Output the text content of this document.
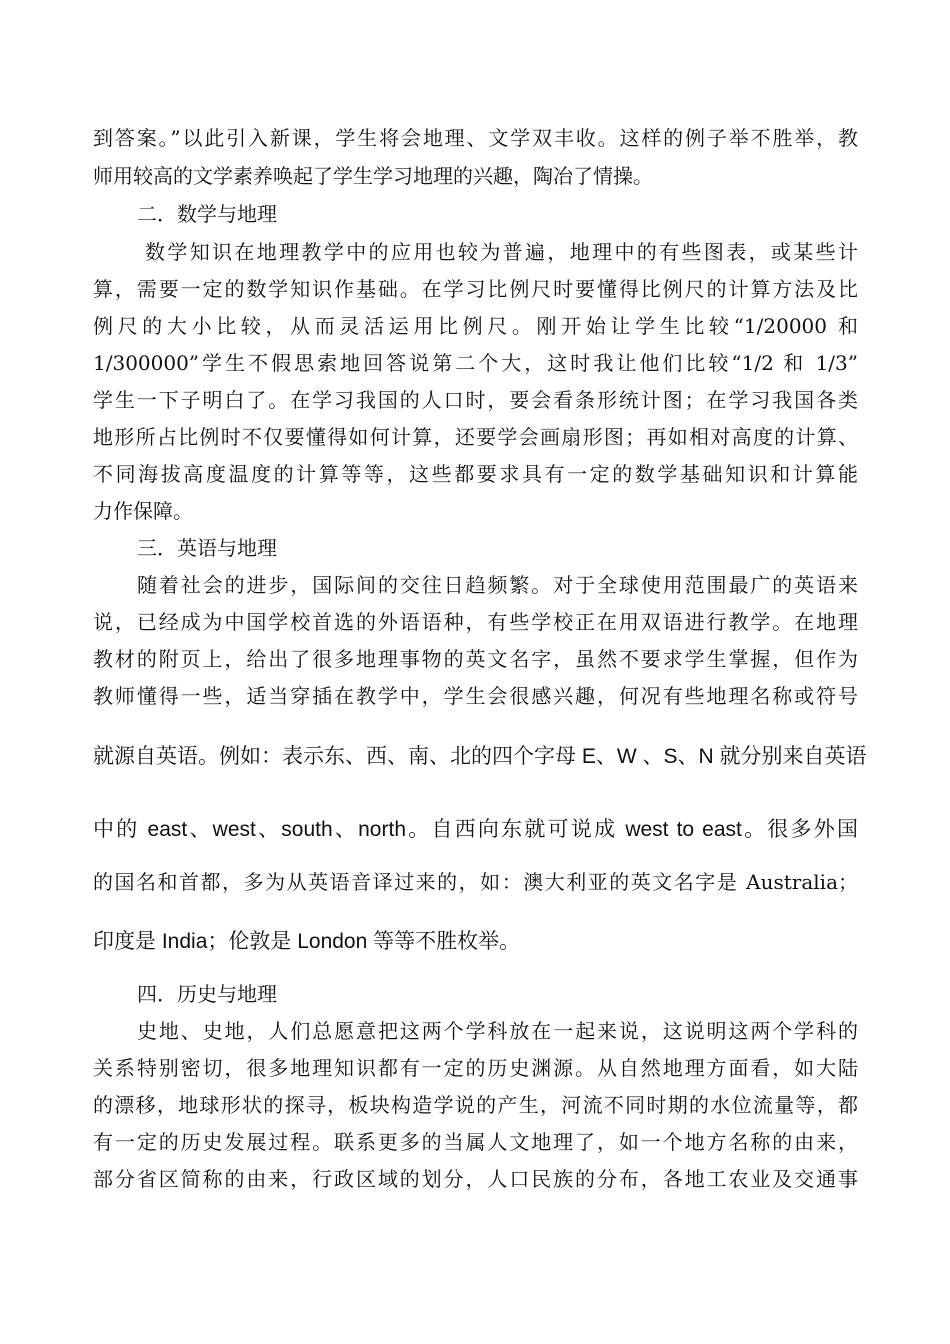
到答案。”以此引入新课，学生将会地理、文学双丰收。这样的例子举不胜举，教
师用较高的文学素养唤起了学生学习地理的兴趣，陶冶了情操。
二．数学与地理
数学知识在地理教学中的应用也较为普遍，地理中的有些图表，或某些计
算，需要一定的数学知识作基础。在学习比例尺时要懂得比例尺的计算方法及比
例尺的大小比较，从而灵活运用比例尺。刚开始让学生比较“1/20000 和
1/300000”学生不假思索地回答说第二个大，这时我让他们比较“1/2 和 1/3”
学生一下子明白了。在学习我国的人口时，要会看条形统计图；在学习我国各类
地形所占比例时不仅要懂得如何计算，还要学会画扇形图；再如相对高度的计算、
不同海拔高度温度的计算等等，这些都要求具有一定的数学基础知识和计算能
力作保障。
三．英语与地理
随着社会的进步，国际间的交往日趋频繁。对于全球使用范围最广的英语来
说，已经成为中国学校首选的外语语种，有些学校正在用双语进行教学。在地理
教材的附页上，给出了很多地理事物的英文名字，虽然不要求学生掌握，但作为
教师懂得一些，适当穿插在教学中，学生会很感兴趣，何况有些地理名称或符号
就源自英语。例如：表示东、西、南、北的四个字母 E、W 、S、N 就分别来自英语
中的 east、west、south、north。自西向东就可说成 west to east。很多外国
的国名和首都，多为从英语音译过来的，如：澳大利亚的英文名字是 Australia；
印度是 India；伦敦是 London 等等不胜枚举。
四．历史与地理
史地、史地，人们总愿意把这两个学科放在一起来说，这说明这两个学科的
关系特别密切，很多地理知识都有一定的历史渊源。从自然地理方面看，如大陆
的漂移，地球形状的探寻，板块构造学说的产生，河流不同时期的水位流量等，都
有一定的历史发展过程。联系更多的当属人文地理了，如一个地方名称的由来，
部分省区简称的由来，行政区域的划分，人口民族的分布，各地工农业及交通事
